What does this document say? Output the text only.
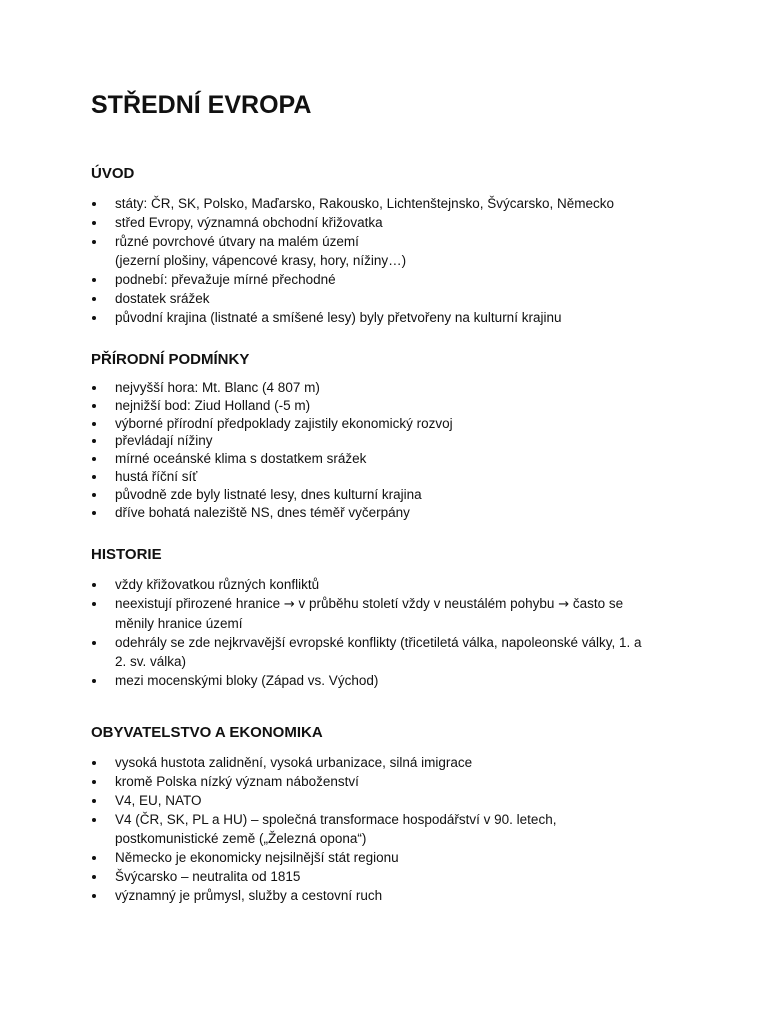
STŘEDNÍ EVROPA
ÚVOD
státy: ČR, SK, Polsko, Maďarsko, Rakousko, Lichtenštejnsko, Švýcarsko, Německo
střed Evropy, významná obchodní křižovatka
různé povrchové útvary na malém území
(jezerní plošiny, vápencové krasy, hory, nížiny…)
podnebí: převažuje mírné přechodné
dostatek srážek
původní krajina (listnaté a smíšené lesy) byly přetvořeny na kulturní krajinu
PŘÍRODNÍ PODMÍNKY
nejvyšší hora: Mt. Blanc (4 807 m)
nejnižší bod: Ziud Holland (-5 m)
výborné přírodní předpoklady zajistily ekonomický rozvoj
převládají nížiny
mírné oceánské klima s dostatkem srážek
hustá říční síť
původně zde byly listnaté lesy, dnes kulturní krajina
dříve bohatá naleziště NS, dnes téměř vyčerpány
HISTORIE
vždy křižovatkou různých konfliktů
neexistují přirozené hranice → v průběhu století vždy v neustálém pohybu → často se
měnily hranice území
odehrály se zde nejkrvavější evropské konflikty (třicetiletá válka, napoleonské války, 1. a
2. sv. válka)
mezi mocenskými bloky (Západ vs. Východ)
OBYVATELSTVO A EKONOMIKA
vysoká hustota zalidnění, vysoká urbanizace, silná imigrace
kromě Polska nízký význam náboženství
V4, EU, NATO
V4 (ČR, SK, PL a HU) – společná transformace hospodářství v 90. letech,
postkomunistické země („Železná opona“)
Německo je ekonomicky nejsilnější stát regionu
Švýcarsko – neutralita od 1815
významný je průmysl, služby a cestovní ruch
